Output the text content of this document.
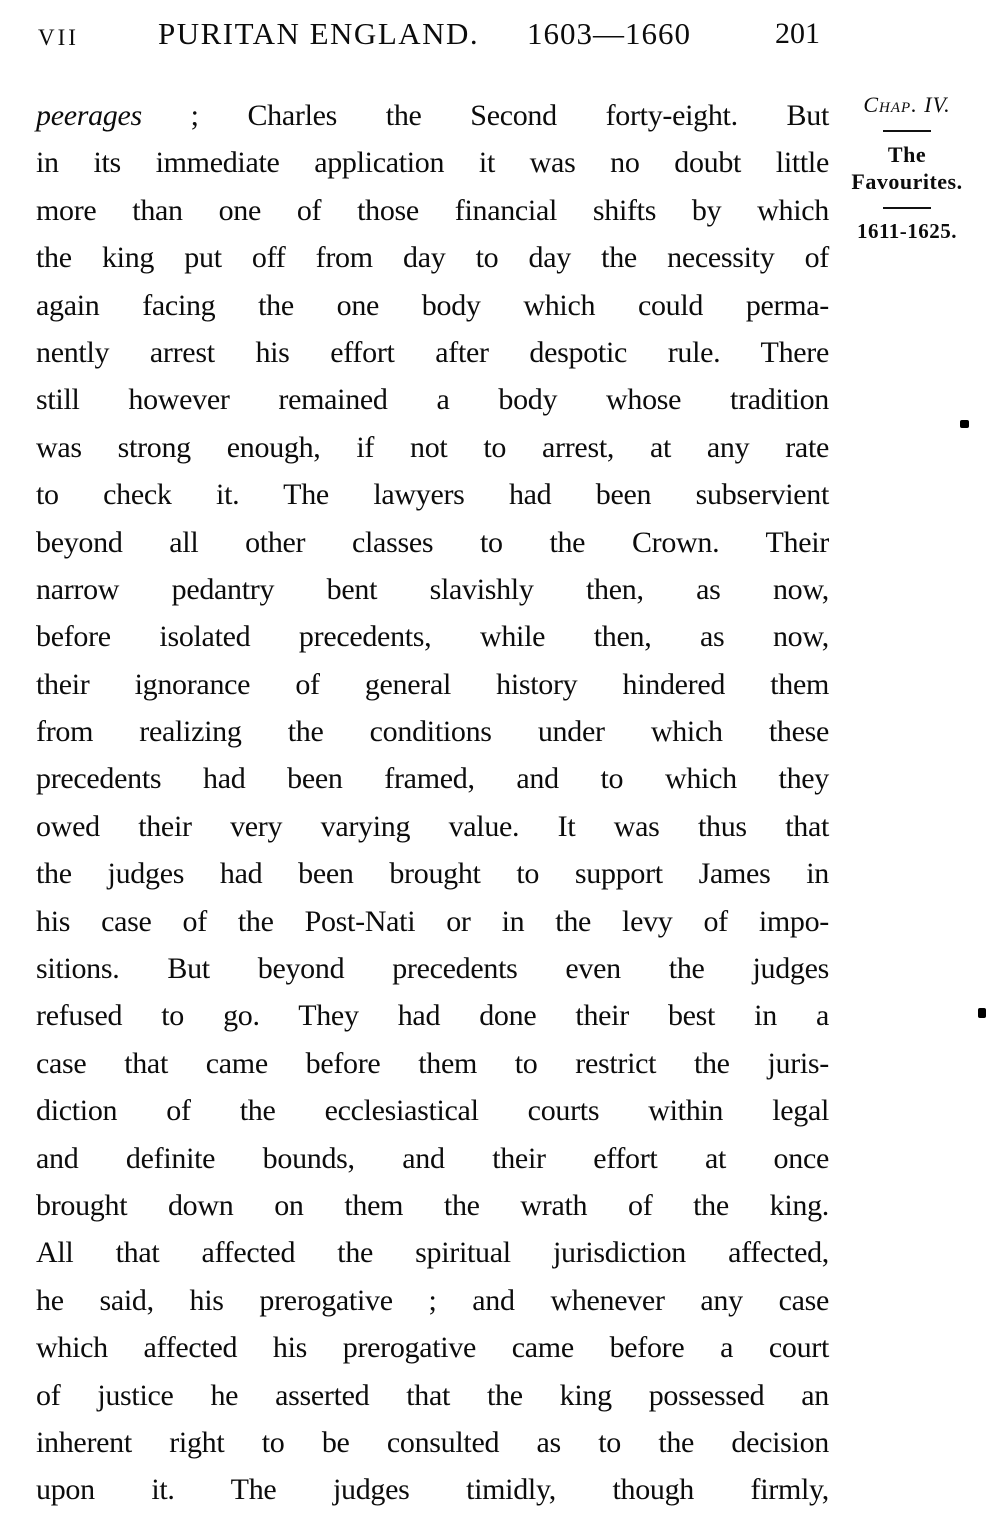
VII	PURITAN ENGLAND. 1603—1660	201
peerages ; Charles the Second forty-eight. But
in its immediate application it was no doubt little
more than one of those financial shifts by which
the king put off from day to day the necessity of
again facing the one body which could perma-
nently arrest his effort after despotic rule. There
still however remained a body whose tradition
was strong enough, if not to arrest, at any rate
to check it. The lawyers had been subservient
beyond all other classes to the Crown. Their
narrow pedantry bent slavishly then, as now,
before isolated precedents, while then, as now,
their ignorance of general history hindered them
from realizing the conditions under which these
precedents had been framed, and to which they
owed their very varying value. It was thus that
the judges had been brought to support James in
his case of the Post-Nati or in the levy of impo-
sitions. But beyond precedents even the judges
refused to go. They had done their best in a
case that came before them to restrict the juris-
diction of the ecclesiastical courts within legal
and definite bounds, and their effort at once
brought down on them the wrath of the king.
All that affected the spiritual jurisdiction affected,
he said, his prerogative ; and whenever any case
which affected his prerogative came before a court
of justice he asserted that the king possessed an
inherent right to be consulted as to the decision
upon it. The judges timidly, though firmly,
Chap. IV.
The
Favourites.
1611-1625.
